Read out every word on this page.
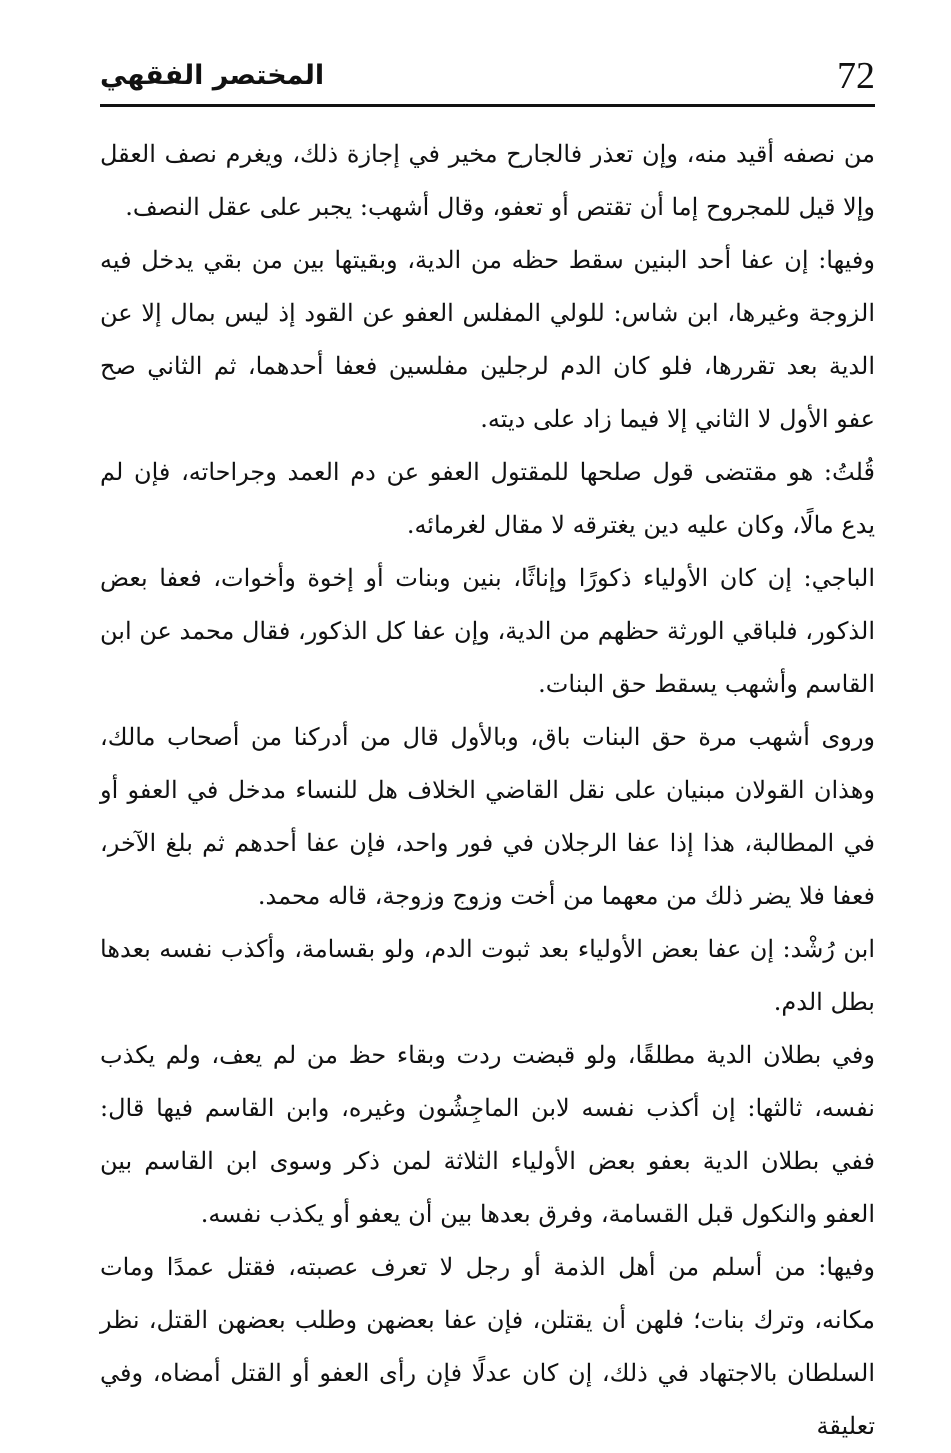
72
المختصر الفقهي

من نصفه أقيد منه، وإن تعذر فالجارح مخير في إجازة ذلك، ويغرم نصف العقل وإلا قيل للمجروح إما أن تقتص أو تعفو، وقال أشهب: يجبر على عقل النصف.

وفيها: إن عفا أحد البنين سقط حظه من الدية، وبقيتها بين من بقي يدخل فيه الزوجة وغيرها، ابن شاس: للولي المفلس العفو عن القود إذ ليس بمال إلا عن الدية بعد تقررها، فلو كان الدم لرجلين مفلسين فعفا أحدهما، ثم الثاني صح عفو الأول لا الثاني إلا فيما زاد على ديته.

قُلتُ: هو مقتضى قول صلحها للمقتول العفو عن دم العمد وجراحاته، فإن لم يدع مالًا، وكان عليه دين يغترقه لا مقال لغرمائه.

الباجي: إن كان الأولياء ذكورًا وإناثًا، بنين وبنات أو إخوة وأخوات، فعفا بعض الذكور، فلباقي الورثة حظهم من الدية، وإن عفا كل الذكور، فقال محمد عن ابن القاسم وأشهب يسقط حق البنات.

وروى أشهب مرة حق البنات باق، وبالأول قال من أدركنا من أصحاب مالك، وهذان القولان مبنيان على نقل القاضي الخلاف هل للنساء مدخل في العفو أو في المطالبة، هذا إذا عفا الرجلان في فور واحد، فإن عفا أحدهم ثم بلغ الآخر، فعفا فلا يضر ذلك من معهما من أخت وزوج وزوجة، قاله محمد.

ابن رُشْد: إن عفا بعض الأولياء بعد ثبوت الدم، ولو بقسامة، وأكذب نفسه بعدها بطل الدم.

وفي بطلان الدية مطلقًا، ولو قبضت ردت وبقاء حظ من لم يعف، ولم يكذب نفسه، ثالثها: إن أكذب نفسه لابن الماجِشُون وغيره، وابن القاسم فيها قال: ففي بطلان الدية بعفو بعض الأولياء الثلاثة لمن ذكر وسوى ابن القاسم بين العفو والنكول قبل القسامة، وفرق بعدها بين أن يعفو أو يكذب نفسه.

وفيها: من أسلم من أهل الذمة أو رجل لا تعرف عصبته، فقتل عمدًا ومات مكانه، وترك بنات؛ فلهن أن يقتلن، فإن عفا بعضهن وطلب بعضهن القتل، نظر السلطان بالاجتهاد في ذلك، إن كان عدلًا فإن رأى العفو أو القتل أمضاه، وفي تعليقة
